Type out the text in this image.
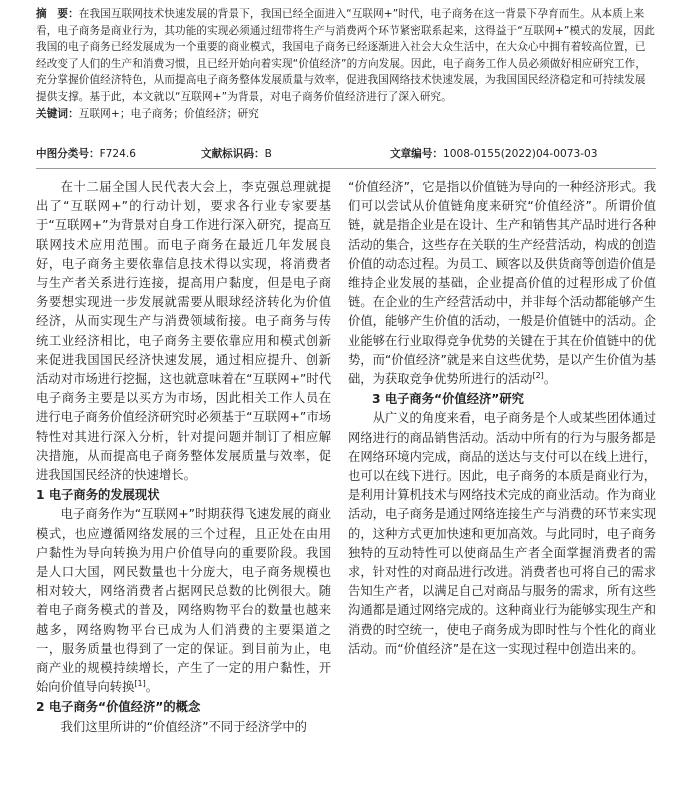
摘　要：在我国互联网技术快速发展的背景下，我国已经全面进入“互联网+”时代，电子商务在这一背景下孕育而生。从本质上来看，电子商务是商业行为，其功能的实现必须通过纽带将生产与消费两个环节紧密联系起来，这得益于“互联网+”模式的发展，因此我国的电子商务已经发展成为一个重要的商业模式，我国电子商务已经逐渐进入社会大众生活中，在大众心中拥有着较高位置，已经改变了人们的生产和消费习惯，且已经开始向着实现“价值经济”的方向发展。因此，电子商务工作人员必须做好相应研究工作，充分掌握价值经济特色，从而提高电子商务整体发展质量与效率，促进我国网络技术快速发展，为我国国民经济稳定和可持续发展提供支撑。基于此，本文就以“互联网+”为背景，对电子商务价值经济进行了深入研究。
关键词：互联网+；电子商务；价值经济；研究
中图分类号：F724.6	文献标识码：B	文章编号：1008-0155(2022)04-0073-03

在十二届全国人民代表大会上，李克强总理就提出了“互联网+”的行动计划，要求各行业专家要基于“互联网+”为背景对自身工作进行深入研究，提高互联网技术应用范围。而电子商务在最近几年发展良好，电子商务主要依靠信息技术得以实现，将消费者与生产者关系进行连接，提高用户黏度，但是电子商务要想实现进一步发展就需要从眼球经济转化为价值经济，从而实现生产与消费领域衔接。电子商务与传统工业经济相比，电子商务主要依靠应用和模式创新来促进我国国民经济快速发展，通过相应提升、创新活动对市场进行挖掘，这也就意味着在“互联网+”时代电子商务主要是以买方为市场，因此相关工作人员在进行电子商务价值经济研究时必须基于“互联网+”市场特性对其进行深入分析，针对提问题并制订了相应解决措施，从而提高电子商务整体发展质量与效率，促进我国国民经济的快速增长。

1 电子商务的发展现状

电子商务作为“互联网+”时期获得飞速发展的商业模式，也应遵循网络发展的三个过程，且正处在由用户黏性为导向转换为用户价值导向的重要阶段。我国是人口大国，网民数量也十分庞大，电子商务规模也相对较大，网络消费者占据网民总数的比例很大。随着电子商务模式的普及，网络购物平台的数量也越来越多，网络购物平台已成为人们消费的主要渠道之一，服务质量也得到了一定的保证。到目前为止，电商产业的规模持续增长，产生了一定的用户黏性，开始向价值导向转换[1]。

2 电子商务“价值经济”的概念

我们这里所讲的“价值经济”不同于经济学中的

“价值经济”，它是指以价值链为导向的一种经济形式。我们可以尝试从价值链角度来研究“价值经济”。所谓价值链，就是指企业是在设计、生产和销售其产品时进行各种活动的集合，这些存在关联的生产经营活动，构成的创造价值的动态过程。为员工、顾客以及供货商等创造价值是维持企业发展的基础，企业提高价值的过程形成了价值链。在企业的生产经营活动中，并非每个活动都能够产生价值，能够产生价值的活动，一般是价值链中的活动。企业能够在行业取得竞争优势的关键在于其在价值链中的优势，而“价值经济”就是来自这些优势，是以产生价值为基础，为获取竞争优势所进行的活动[2]。

3 电子商务“价值经济”研究

从广义的角度来看，电子商务是个人或某些团体通过网络进行的商品销售活动。活动中所有的行为与服务都是在网络环境内完成，商品的送达与支付可以在线上进行，也可以在线下进行。因此，电子商务的本质是商业行为，是利用计算机技术与网络技术完成的商业活动。作为商业活动，电子商务是通过网络连接生产与消费的环节来实现的，这种方式更加快速和更加高效。与此同时，电子商务独特的互动特性可以使商品生产者全面掌握消费者的需求，针对性的对商品进行改进。消费者也可将自己的需求告知生产者，以满足自己对商品与服务的需求，所有这些沟通都是通过网络完成的。这种商业行为能够实现生产和消费的时空统一，使电子商务成为即时性与个性化的商业活动。而“价值经济”是在这一实现过程中创造出来的。
